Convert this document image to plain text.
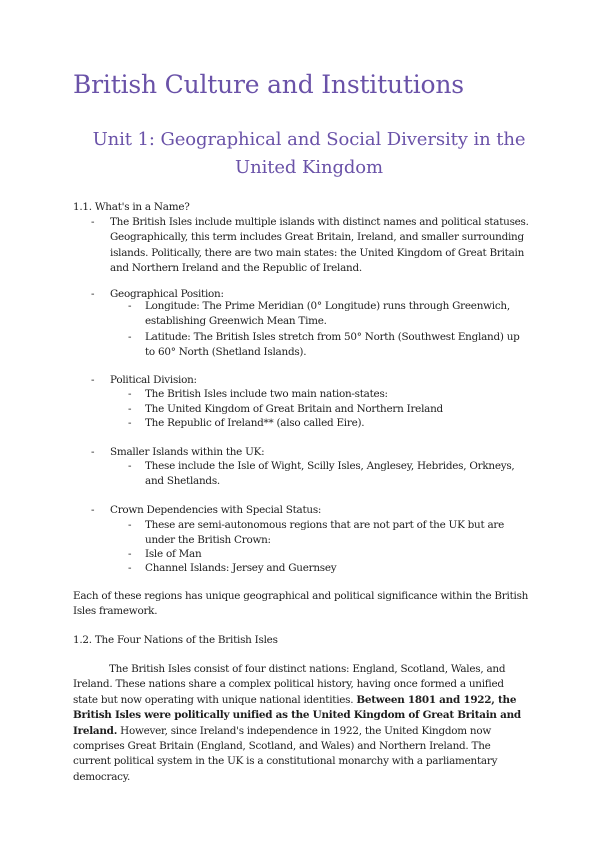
British Culture and Institutions
Unit 1: Geographical and Social Diversity in the United Kingdom
1.1. What's in a Name?
- The British Isles include multiple islands with distinct names and political statuses. Geographically, this term includes Great Britain, Ireland, and smaller surrounding islands. Politically, there are two main states: the United Kingdom of Great Britain and Northern Ireland and the Republic of Ireland.
- Geographical Position:
- Longitude: The Prime Meridian (0° Longitude) runs through Greenwich, establishing Greenwich Mean Time.
- Latitude: The British Isles stretch from 50° North (Southwest England) up to 60° North (Shetland Islands).
- Political Division:
- The British Isles include two main nation-states:
- The United Kingdom of Great Britain and Northern Ireland
- The Republic of Ireland** (also called Eire).
- Smaller Islands within the UK:
- These include the Isle of Wight, Scilly Isles, Anglesey, Hebrides, Orkneys, and Shetlands.
- Crown Dependencies with Special Status:
- These are semi-autonomous regions that are not part of the UK but are under the British Crown:
- Isle of Man
- Channel Islands: Jersey and Guernsey
Each of these regions has unique geographical and political significance within the British Isles framework.
1.2. The Four Nations of the British Isles
The British Isles consist of four distinct nations: England, Scotland, Wales, and Ireland. These nations share a complex political history, having once formed a unified state but now operating with unique national identities. Between 1801 and 1922, the British Isles were politically unified as the United Kingdom of Great Britain and Ireland. However, since Ireland's independence in 1922, the United Kingdom now comprises Great Britain (England, Scotland, and Wales) and Northern Ireland. The current political system in the UK is a constitutional monarchy with a parliamentary democracy.
